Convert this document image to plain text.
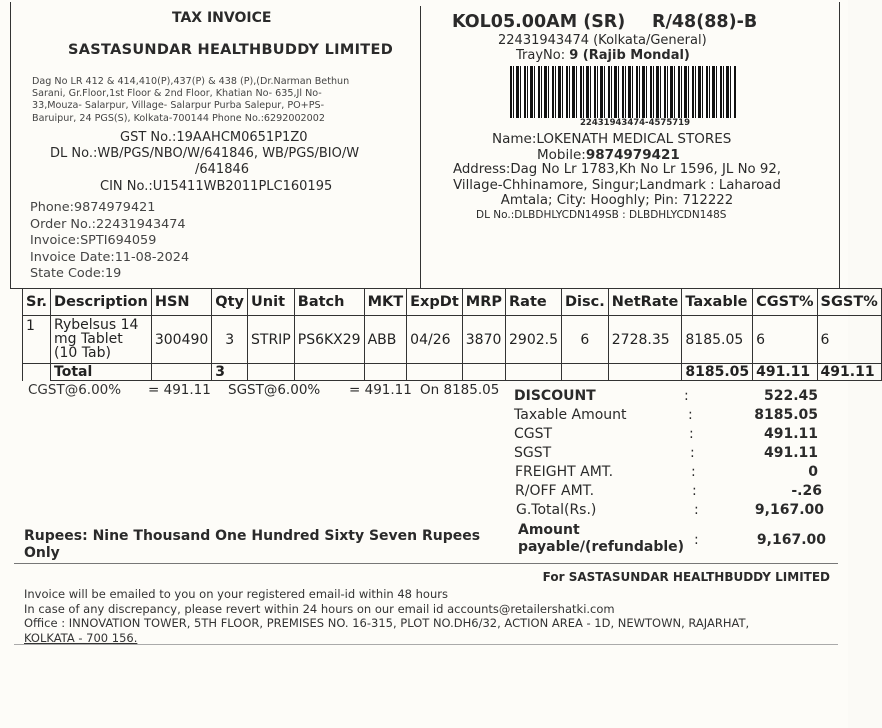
TAX INVOICE
SASTASUNDAR HEALTHBUDDY LIMITED
Dag No LR 412 & 414,410(P),437(P) & 438 (P),(Dr.Narman Bethun
Sarani, Gr.Floor,1st Floor & 2nd Floor, Khatian No- 635,Jl No-
33,Mouza- Salarpur, Village- Salarpur Purba Salepur, PO+PS-
Baruipur, 24 PGS(S), Kolkata-700144 Phone No.:6292002002
GST No.:19AAHCM0651P1Z0
DL No.:WB/PGS/NBO/W/641846, WB/PGS/BIO/W
/641846
CIN No.:U15411WB2011PLC160195
Phone:9874979421
Order No.:22431943474
Invoice:SPTI694059
Invoice Date:11-08-2024
State Code:19
KOL05.00AM (SR) R/48(88)-B
22431943474 (Kolkata/General)
TrayNo: 9 (Rajib Mondal)
22431943474-4575719
Name:LOKENATH MEDICAL STORES
Mobile:9874979421
Address:Dag No Lr 1783,Kh No Lr 1596, JL No 92,
Village-Chhinamore, Singur;Landmark : Laharoad
Amtala; City: Hooghly; Pin: 712222
DL No.:DLBDHLYCDN149SB : DLBDHLYCDN148S
Sr.	Description	HSN	Qty	Unit	Batch	MKT	ExpDt	MRP	Rate	Disc.	NetRate	Taxable	CGST%	SGST%
1	Rybelsus 14
mg Tablet
(10 Tab)	300490	3	STRIP	PS6KX29	ABB	04/26	3870	2902.5	6	2728.35	8185.05	6	6
	Total		3									8185.05	491.11	491.11
CGST@6.00% = 491.11 SGST@6.00% = 491.11 On 8185.05 DISCOUNT	:	522.45
Taxable Amount	:	8185.05
CGST	:	491.11
SGST	:	491.11
FREIGHT AMT.	:	0
R/OFF AMT.	:	-.26
G.Total(Rs.)	:	9,167.00
Amount
payable/(refundable) :	9,167.00
Rupees: Nine Thousand One Hundred Sixty Seven Rupees
Only
For SASTASUNDAR HEALTHBUDDY LIMITED
Invoice will be emailed to you on your registered email-id within 48 hours
In case of any discrepancy, please revert within 24 hours on our email id accounts@retailershatki.com
Office : INNOVATION TOWER, 5TH FLOOR, PREMISES NO. 16-315, PLOT NO.DH6/32, ACTION AREA - 1D, NEWTOWN, RAJARHAT,
KOLKATA - 700 156.
